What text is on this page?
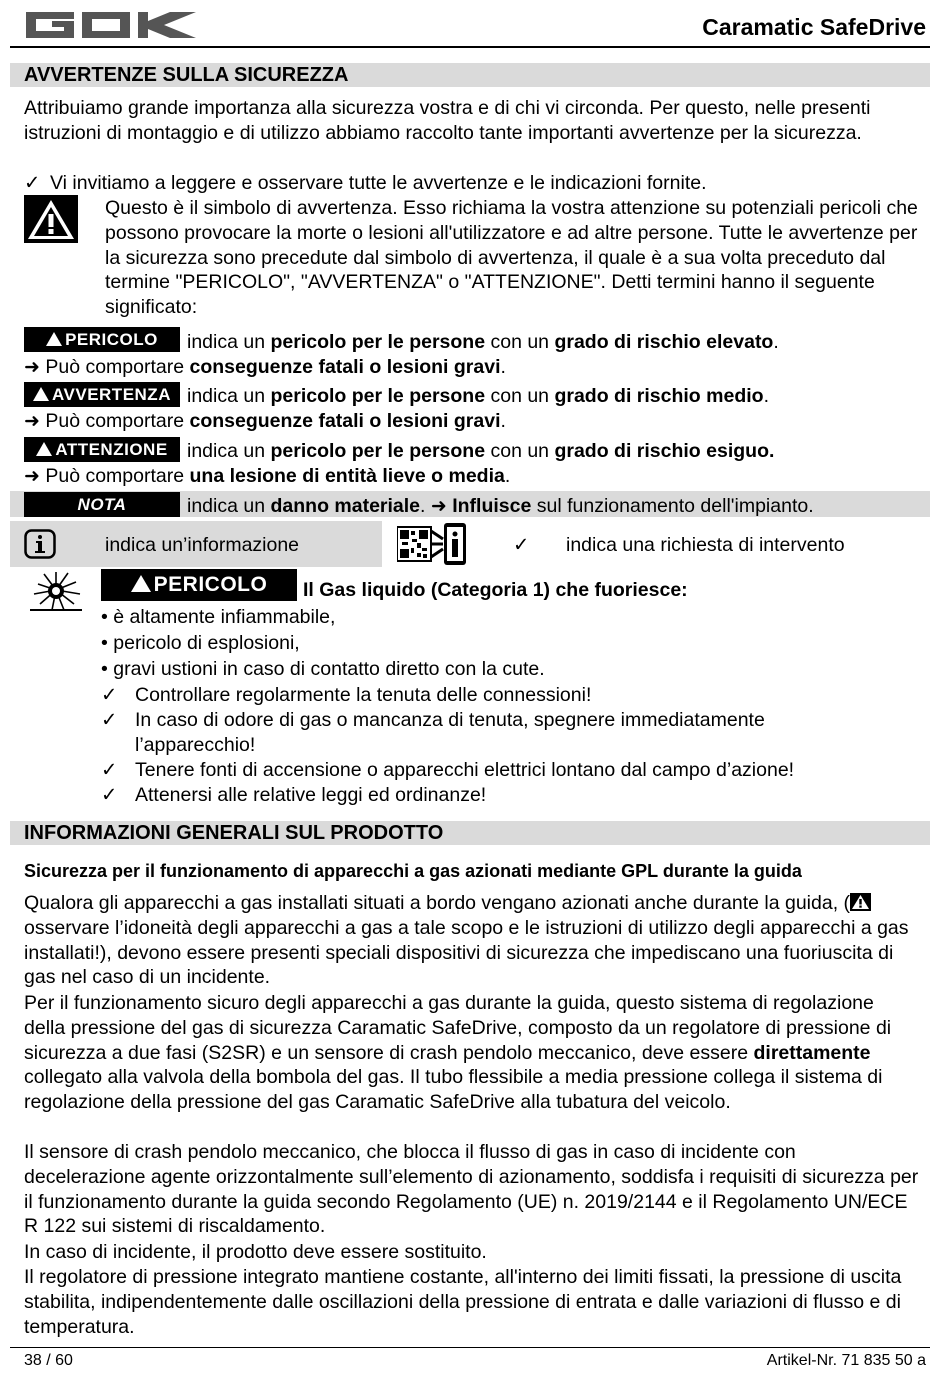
Caramatic SafeDrive
AVVERTENZE SULLA SICUREZZA
Attribuiamo grande importanza alla sicurezza vostra e di chi vi circonda. Per questo, nelle presenti istruzioni di montaggio e di utilizzo abbiamo raccolto tante importanti avvertenze per la sicurezza.
✓ Vi invitiamo a leggere e osservare tutte le avvertenze e le indicazioni fornite.
Questo è il simbolo di avvertenza. Esso richiama la vostra attenzione su potenziali pericoli che possono provocare la morte o lesioni all'utilizzatore e ad altre persone. Tutte le avvertenze per la sicurezza sono precedute dal simbolo di avvertenza, il quale è a sua volta preceduto dal termine "PERICOLO", "AVVERTENZA" o "ATTENZIONE". Detti termini hanno il seguente significato:
PERICOLO	indica un pericolo per le persone con un grado di rischio elevato.
➜ Può comportare conseguenze fatali o lesioni gravi.
AVVERTENZA indica un pericolo per le persone con un grado di rischio medio.
➜ Può comportare conseguenze fatali o lesioni gravi.
ATTENZIONE indica un pericolo per le persone con un grado di rischio esiguo.
➜ Può comportare una lesione di entità lieve o media.
NOTA	indica un danno materiale. ➜ Influisce sul funzionamento dell'impianto.
indica un’informazione	✓ indica una richiesta di intervento
PERICOLO	Il Gas liquido (Categoria 1) che fuoriesce:
• è altamente infiammabile,
• pericolo di esplosioni,
• gravi ustioni in caso di contatto diretto con la cute.
✓ Controllare regolarmente la tenuta delle connessioni!
✓ In caso di odore di gas o mancanza di tenuta, spegnere immediatamente l’apparecchio!
✓ Tenere fonti di accensione o apparecchi elettrici lontano dal campo d’azione!
✓ Attenersi alle relative leggi ed ordinanze!
INFORMAZIONI GENERALI SUL PRODOTTO
Sicurezza per il funzionamento di apparecchi a gas azionati mediante GPL durante la guida
Qualora gli apparecchi a gas installati situati a bordo vengano azionati anche durante la guida, ( osservare l’idoneità degli apparecchi a gas a tale scopo e le istruzioni di utilizzo degli apparecchi a gas installati!), devono essere presenti speciali dispositivi di sicurezza che impediscano una fuoriuscita di gas nel caso di un incidente.
Per il funzionamento sicuro degli apparecchi a gas durante la guida, questo sistema di regolazione della pressione del gas di sicurezza Caramatic SafeDrive, composto da un regolatore di pressione di sicurezza a due fasi (S2SR) e un sensore di crash pendolo meccanico, deve essere direttamente collegato alla valvola della bombola del gas. Il tubo flessibile a media pressione collega il sistema di regolazione della pressione del gas Caramatic SafeDrive alla tubatura del veicolo.
Il sensore di crash pendolo meccanico, che blocca il flusso di gas in caso di incidente con decelerazione agente orizzontalmente sull’elemento di azionamento, soddisfa i requisiti di sicurezza per il funzionamento durante la guida secondo Regolamento (UE) n. 2019/2144 e il Regolamento UN/ECE R 122 sui sistemi di riscaldamento.
In caso di incidente, il prodotto deve essere sostituito.
Il regolatore di pressione integrato mantiene costante, all'interno dei limiti fissati, la pressione di uscita stabilita, indipendentemente dalle oscillazioni della pressione di entrata e dalle variazioni di flusso e di temperatura.
38 / 60	Artikel-Nr. 71 835 50 a
